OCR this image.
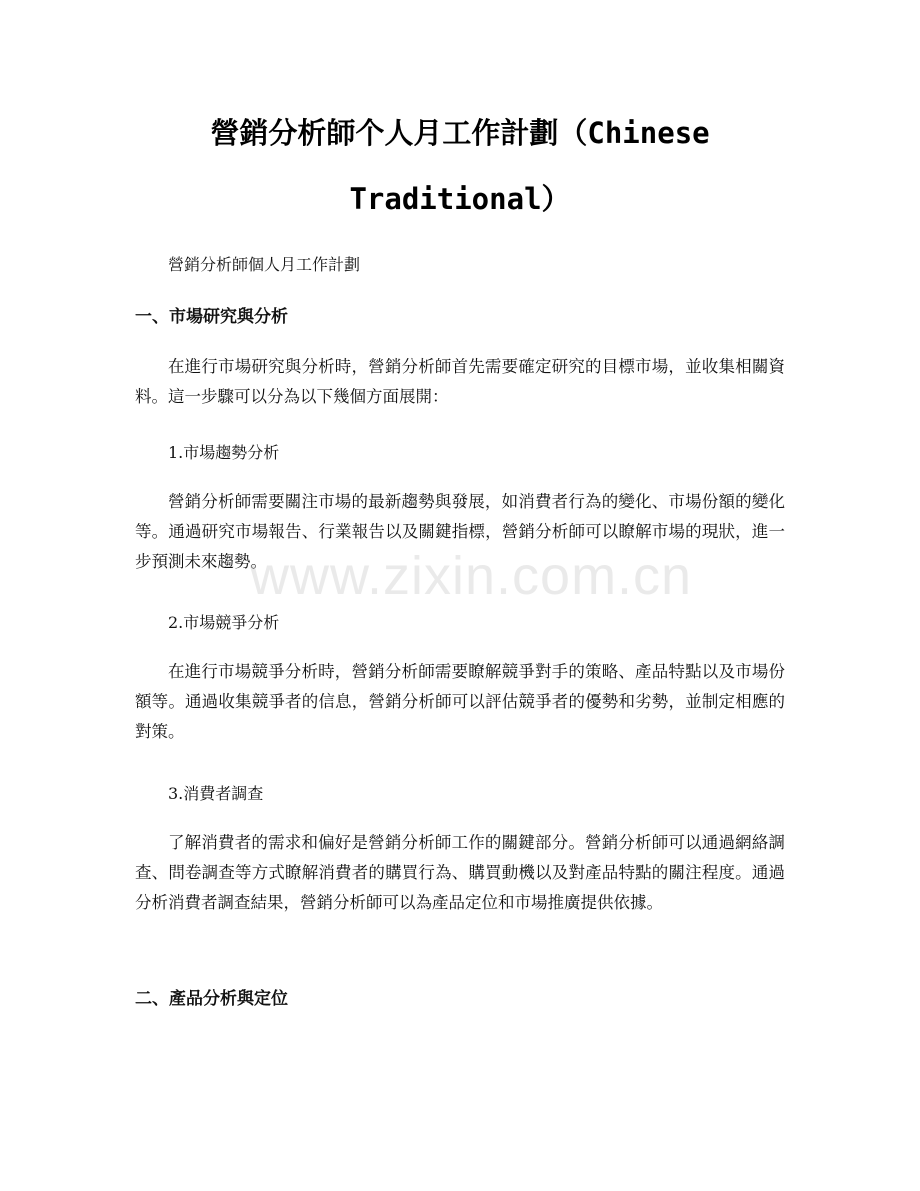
營銷分析師个人月工作計劃（Chinese Traditional）

營銷分析師個人月工作計劃

一、市場研究與分析

在進行市場研究與分析時，營銷分析師首先需要確定研究的目標市場，並收集相關資料。這一步驟可以分為以下幾個方面展開：

1.市場趨勢分析

營銷分析師需要關注市場的最新趨勢與發展，如消費者行為的變化、市場份額的變化等。通過研究市場報告、行業報告以及關鍵指標，營銷分析師可以瞭解市場的現狀，進一步預測未來趨勢。

2.市場競爭分析

在進行市場競爭分析時，營銷分析師需要瞭解競爭對手的策略、產品特點以及市場份額等。通過收集競爭者的信息，營銷分析師可以評估競爭者的優勢和劣勢，並制定相應的對策。

3.消費者調查

了解消費者的需求和偏好是營銷分析師工作的關鍵部分。營銷分析師可以通過網絡調查、問卷調查等方式瞭解消費者的購買行為、購買動機以及對產品特點的關注程度。通過分析消費者調查結果，營銷分析師可以為產品定位和市場推廣提供依據。

二、產品分析與定位
www.zixin.com.cn
